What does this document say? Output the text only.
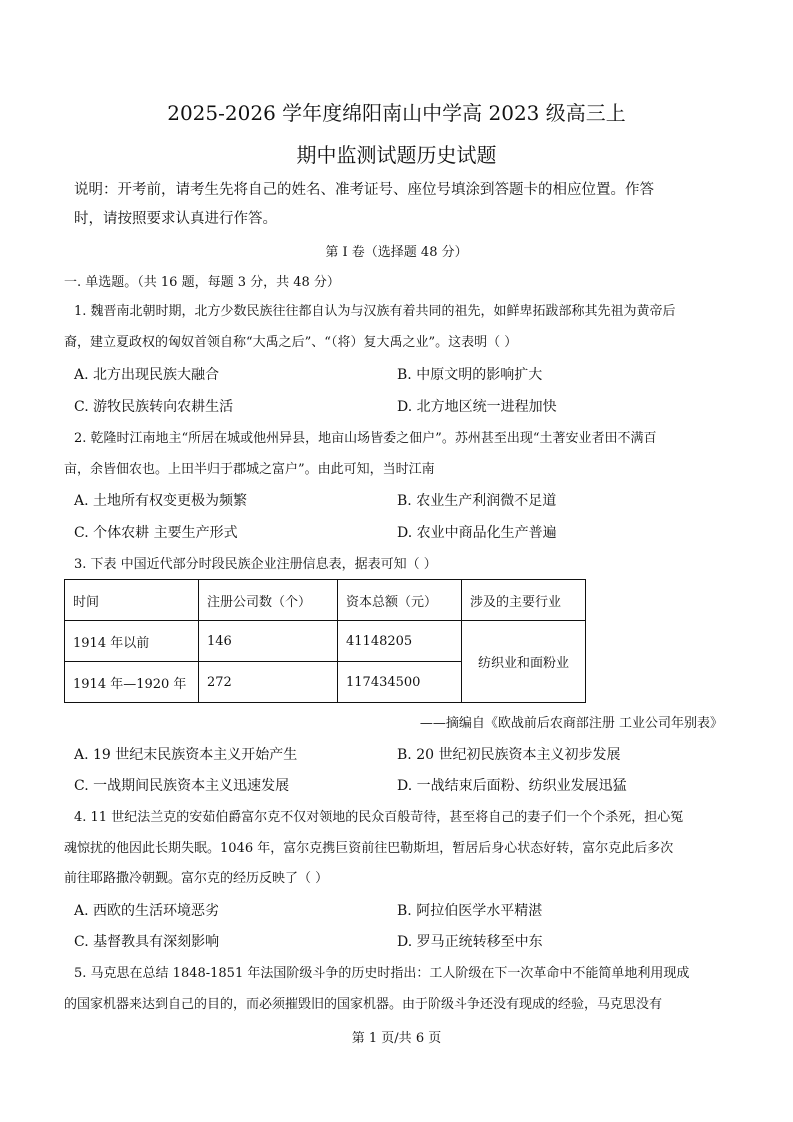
2025-2026 学年度绵阳南山中学高 2023 级高三上
期中监测试题历史试题
说明：开考前，请考生先将自己的姓名、准考证号、座位号填涂到答题卡的相应位置。作答
时，请按照要求认真进行作答。
第 I 卷（选择题 48 分）
一. 单选题。（共 16 题，每题 3 分，共 48 分）
1. 魏晋南北朝时期，北方少数民族往往都自认为与汉族有着共同的祖先，如鲜卑拓跋部称其先祖为黄帝后
裔，建立夏政权的匈奴首领自称“大禹之后”、“（将）复大禹之业”。这表明（ ）
A. 北方出现民族大融合	B. 中原文明的影响扩大
C. 游牧民族转向农耕生活	D. 北方地区统一进程加快
2. 乾隆时江南地主“所居在城或他州异县，地亩山场皆委之佃户”。苏州甚至出现“土著安业者田不满百
亩，余皆佃农也。上田半归于郡城之富户”。由此可知，当时江南
A. 土地所有权变更极为频繁	B. 农业生产利润微不足道
C. 个体农耕 主要生产形式	D. 农业中商品化生产普遍
3. 下表 中国近代部分时段民族企业注册信息表，据表可知（ ）
时间	注册公司数（个）	资本总额（元）	涉及的主要行业
1914 年以前	146	41148205	纺织业和面粉业
1914 年—1920 年	272	117434500	
——摘编自《欧战前后农商部注册 工业公司年别表》
A. 19 世纪末民族资本主义开始产生	B. 20 世纪初民族资本主义初步发展
C. 一战期间民族资本主义迅速发展	D. 一战结束后面粉、纺织业发展迅猛
4. 11 世纪法兰克的安茹伯爵富尔克不仅对领地的民众百般苛待，甚至将自己的妻子们一个个杀死，担心冤
魂惊扰的他因此长期失眠。1046 年，富尔克携巨资前往巴勒斯坦，暂居后身心状态好转，富尔克此后多次
前往耶路撒冷朝觐。富尔克的经历反映了（ ）
A. 西欧的生活环境恶劣	B. 阿拉伯医学水平精湛
C. 基督教具有深刻影响	D. 罗马正统转移至中东
5. 马克思在总结 1848-1851 年法国阶级斗争的历史时指出：工人阶级在下一次革命中不能简单地利用现成
的国家机器来达到自己的目的，而必须摧毁旧的国家机器。由于阶级斗争还没有现成的经验，马克思没有
第 1 页/共 6 页
